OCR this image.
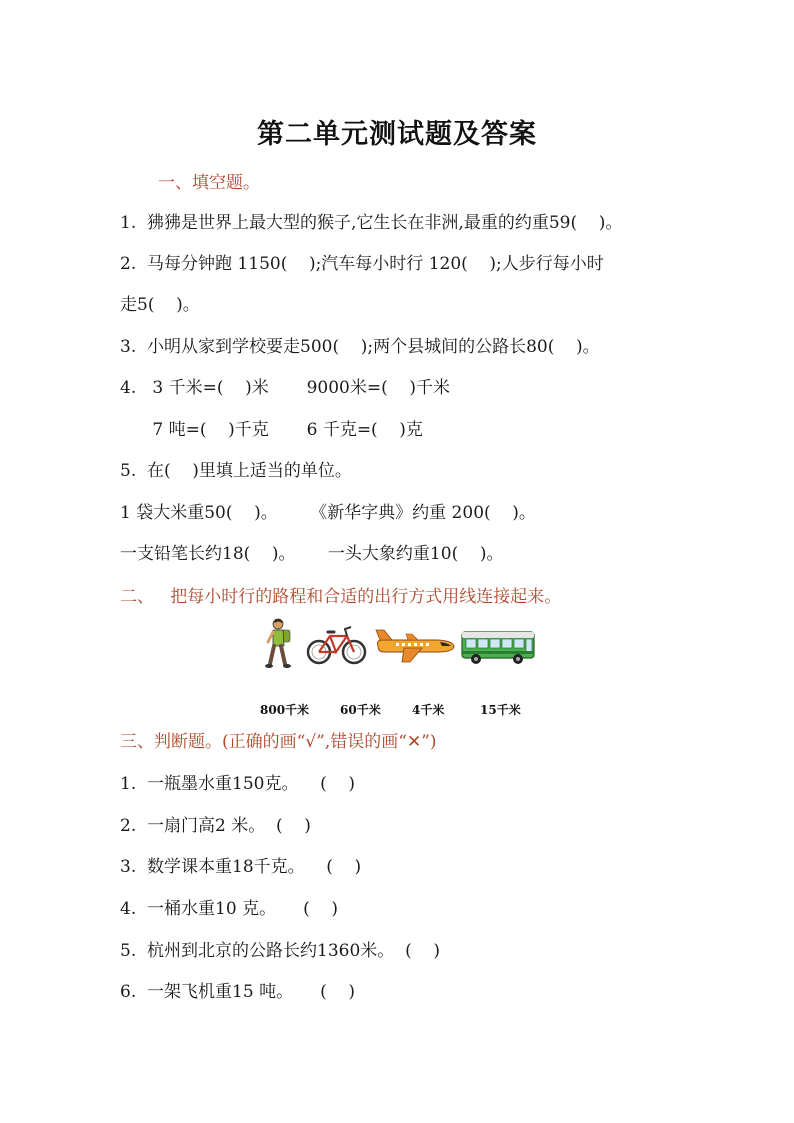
第二单元测试题及答案
一、填空题。
1.  狒狒是世界上最大型的猴子,它生长在非洲,最重的约重59(    )。
2.  马每分钟跑 1150(    );汽车每小时行 120(    );人步行每小时
走5(    )。
3.  小明从家到学校要走500(    );两个县城间的公路长80(    )。
4.   3 千米=(    )米       9000米=(    )千米
7 吨=(    )千克       6 千克=(    )克
5.  在(    )里填上适当的单位。
1 袋大米重50(    )。      《新华字典》约重 200(    )。
一支铅笔长约18(    )。      一头大象约重10(    )。
二、   把每小时行的路程和合适的出行方式用线连接起来。
800千米	60千米	4千米	15千米
三、判断题。(正确的画“√”,错误的画“✕”)
1.  一瓶墨水重150克。    (    )
2.  一扇门高2 米。  (    )
3.  数学课本重18千克。    (    )
4.  一桶水重10 克。     (    )
5.  杭州到北京的公路长约1360米。  (    )
6.  一架飞机重15 吨。     (    )
